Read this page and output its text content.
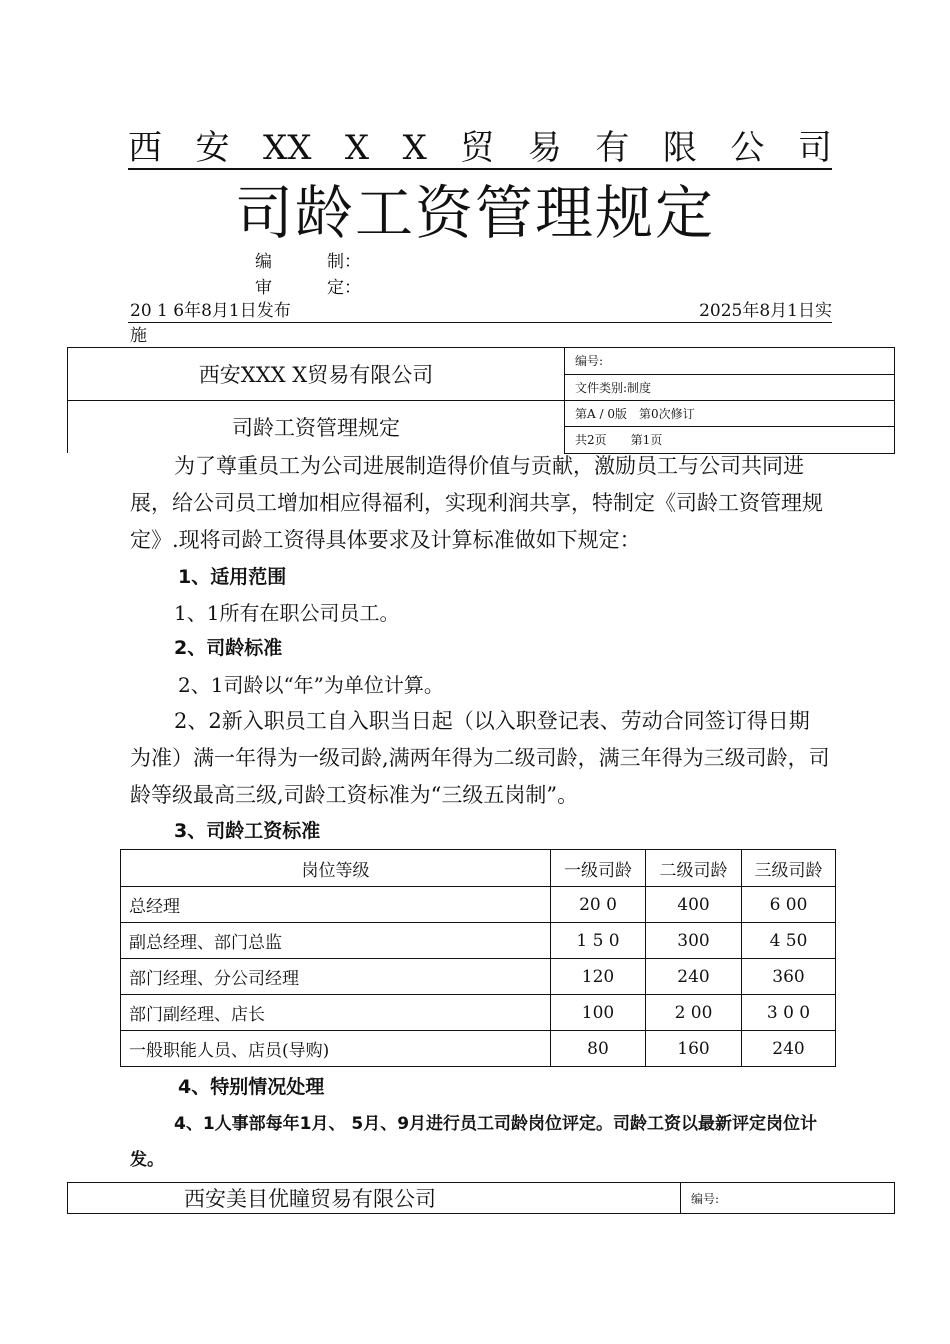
西 安 XX X X 贸 易 有 限 公 司
司龄工资管理规定
编	制：
审	定：
20 1 6年8月1日发布	2025年8月1日实
施
西安XXX X贸易有限公司	编号:
	文件类别:制度
司龄工资管理规定	第A / 0版　第0次修订
	共2页　　第1页
为了尊重员工为公司进展制造得价值与贡献，激励员工与公司共同进展，给公司员工增加相应得福利，实现利润共享，特制定《司龄工资管理规定》.现将司龄工资得具体要求及计算标准做如下规定：
1、适用范围
1、1所有在职公司员工。
2、司龄标准
2、1司龄以“年”为单位计算。
2、2新入职员工自入职当日起（以入职登记表、劳动合同签订得日期为准）满一年得为一级司龄,满两年得为二级司龄，满三年得为三级司龄，司龄等级最高三级,司龄工资标准为“三级五岗制”。
3、司龄工资标准
岗位等级	一级司龄	二级司龄	三级司龄
总经理	20 0	400	6 00
副总经理、部门总监	1 5 0	300	4 50
部门经理、分公司经理	120	240	360
部门副经理、店长	100	2 00	3 0 0
一般职能人员、店员(导购)	80	160	240
4、特别情况处理
4、1人事部每年1月、 5月、9月进行员工司龄岗位评定。司龄工资以最新评定岗位计发。
西安美目优瞳贸易有限公司	编号:
